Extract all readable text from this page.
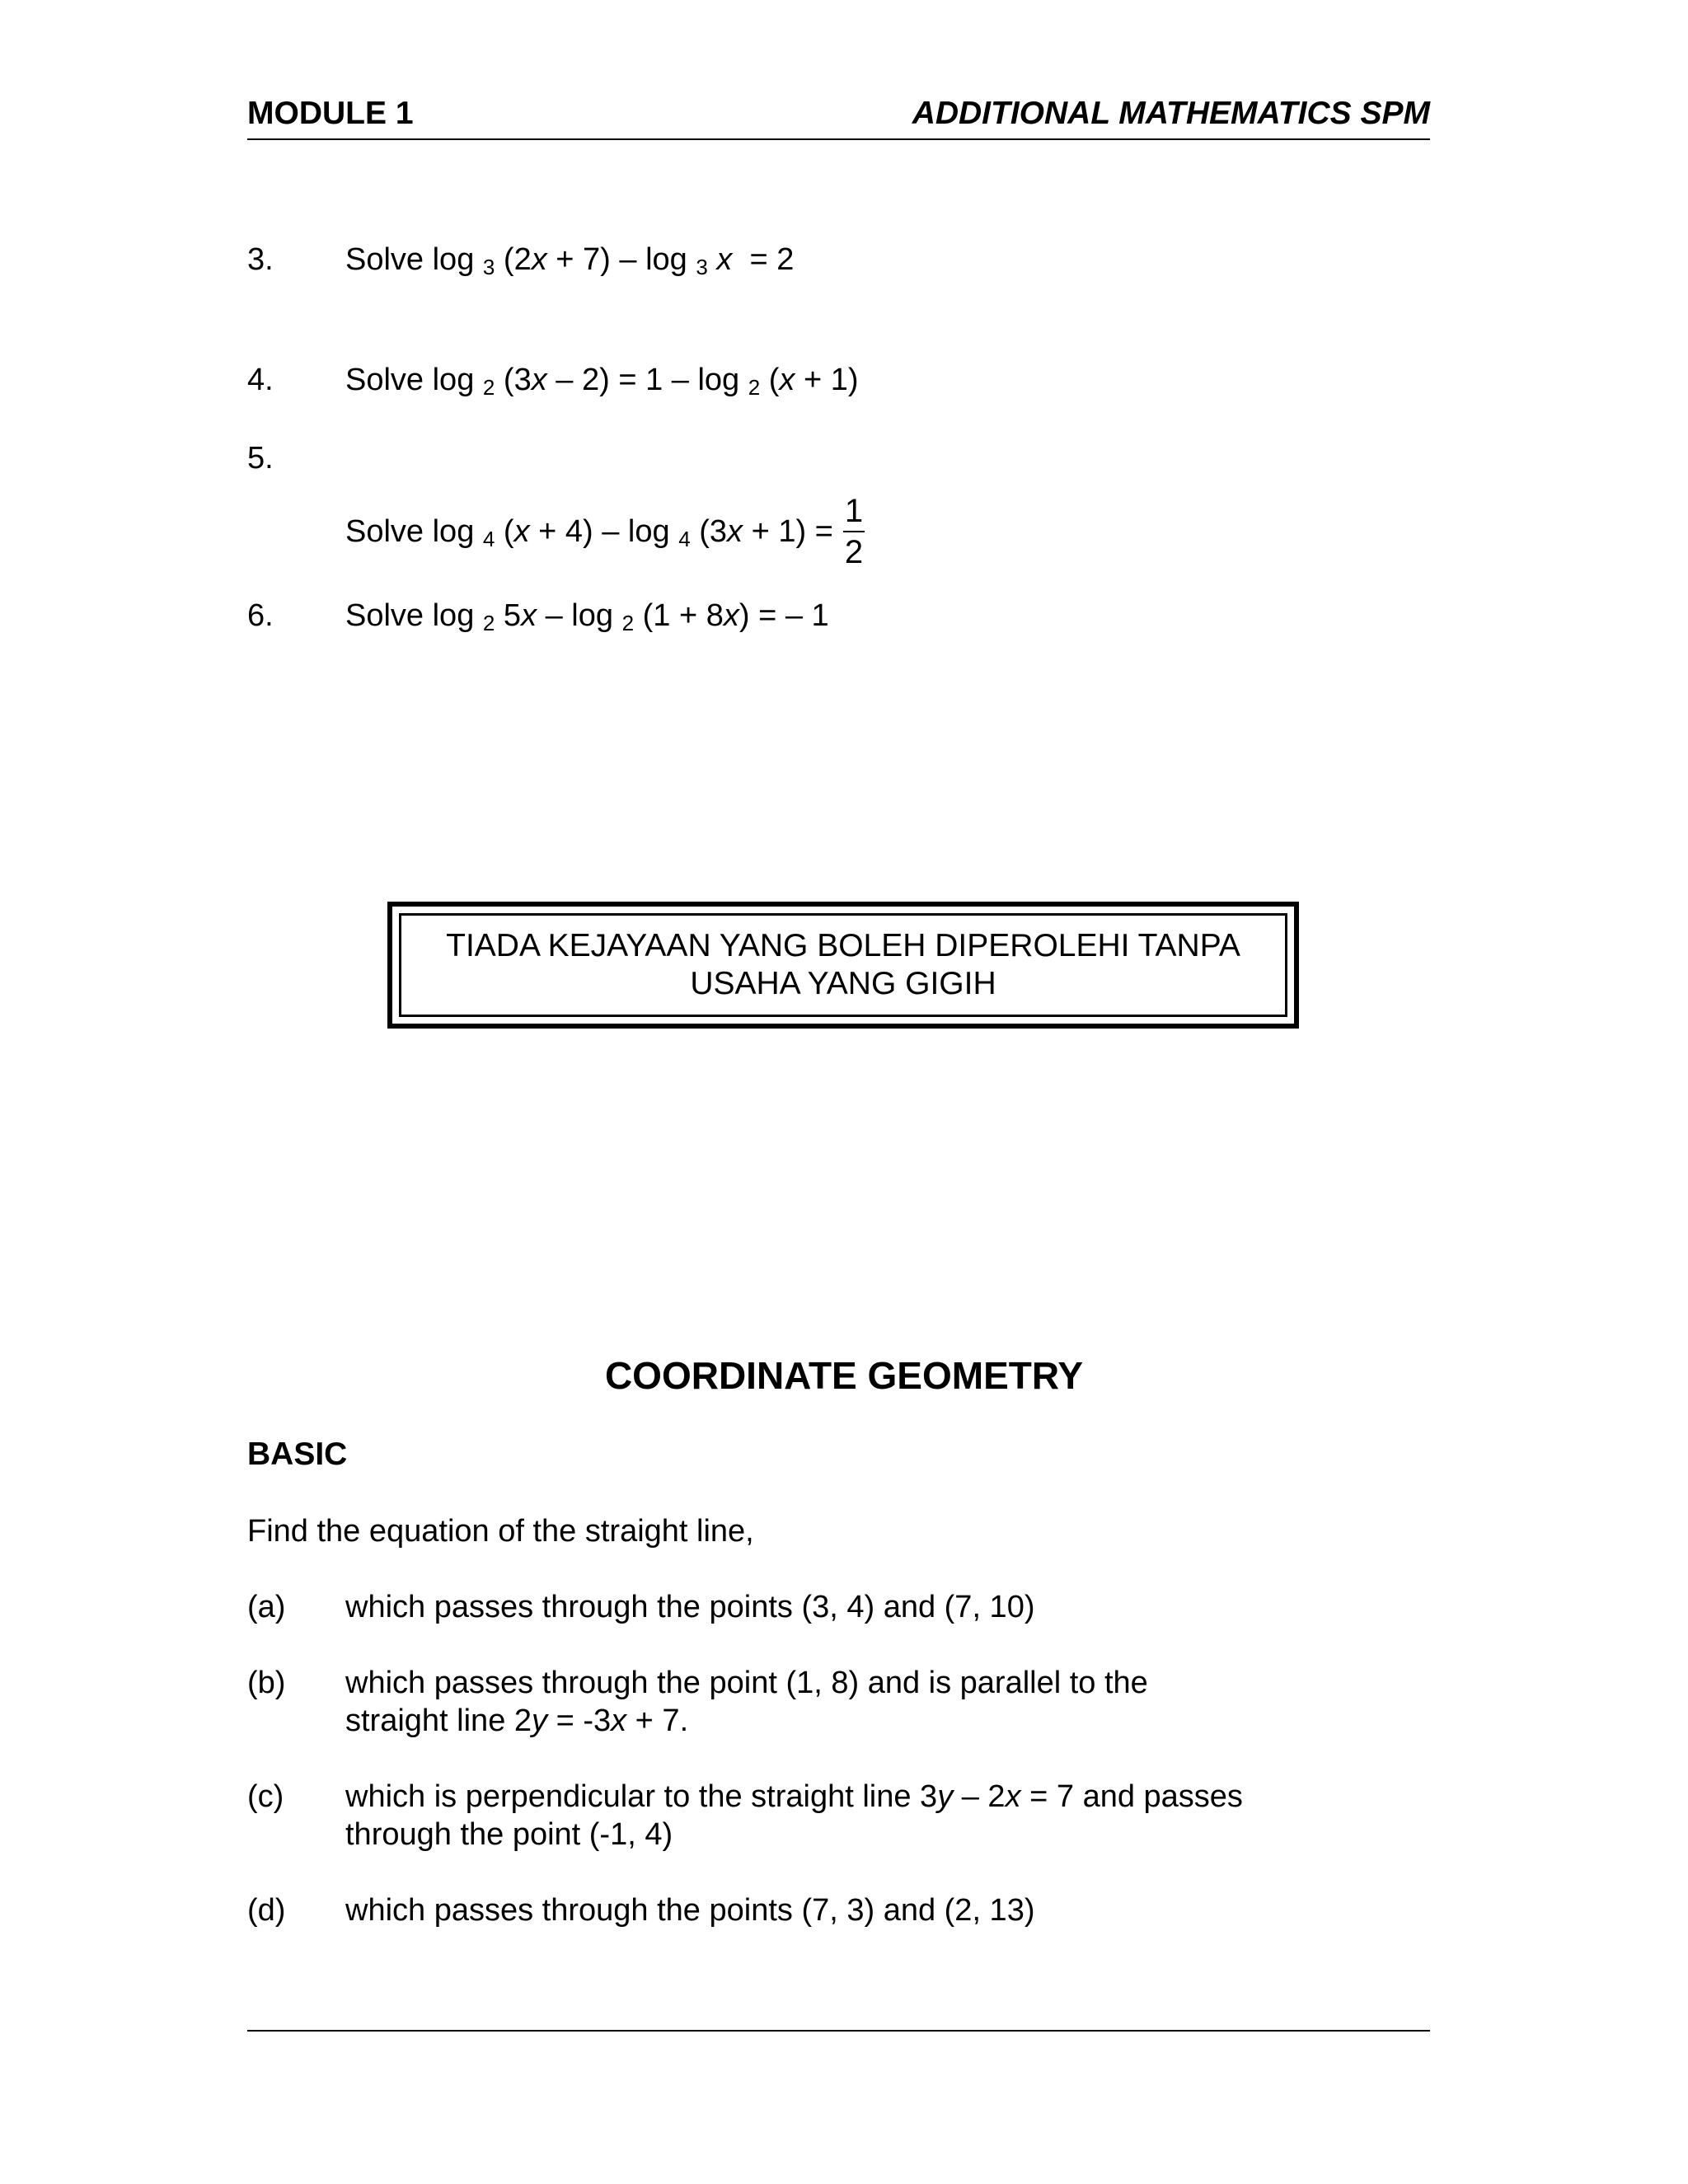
MODULE 1	ADDITIONAL MATHEMATICS SPM
3. Solve log $_3$ (2x + 7) – log $_3$ x  = 2
4. Solve log $_2$ (3x – 2) = 1 – log $_2$ (x + 1)
5.
Solve log $_4$ (x + 4) – log $_4$ $(3x + 1) = \frac{1}{2}$
6. Solve log $_2$ 5x – log $_2$ (1 + 8x) = – 1
TIADA KEJAYAAN YANG BOLEH DIPEROLEHI TANPA
USAHA YANG GIGIH
COORDINATE GEOMETRY
BASIC
Find the equation of the straight line,
(a) which passes through the points (3, 4) and (7, 10)
(b) which passes through the point (1, 8) and is parallel to the
straight line 2y = -3x + 7.
(c) which is perpendicular to the straight line 3y – 2x = 7 and passes
through the point (-1, 4)
(d) which passes through the points (7, 3) and (2, 13)
